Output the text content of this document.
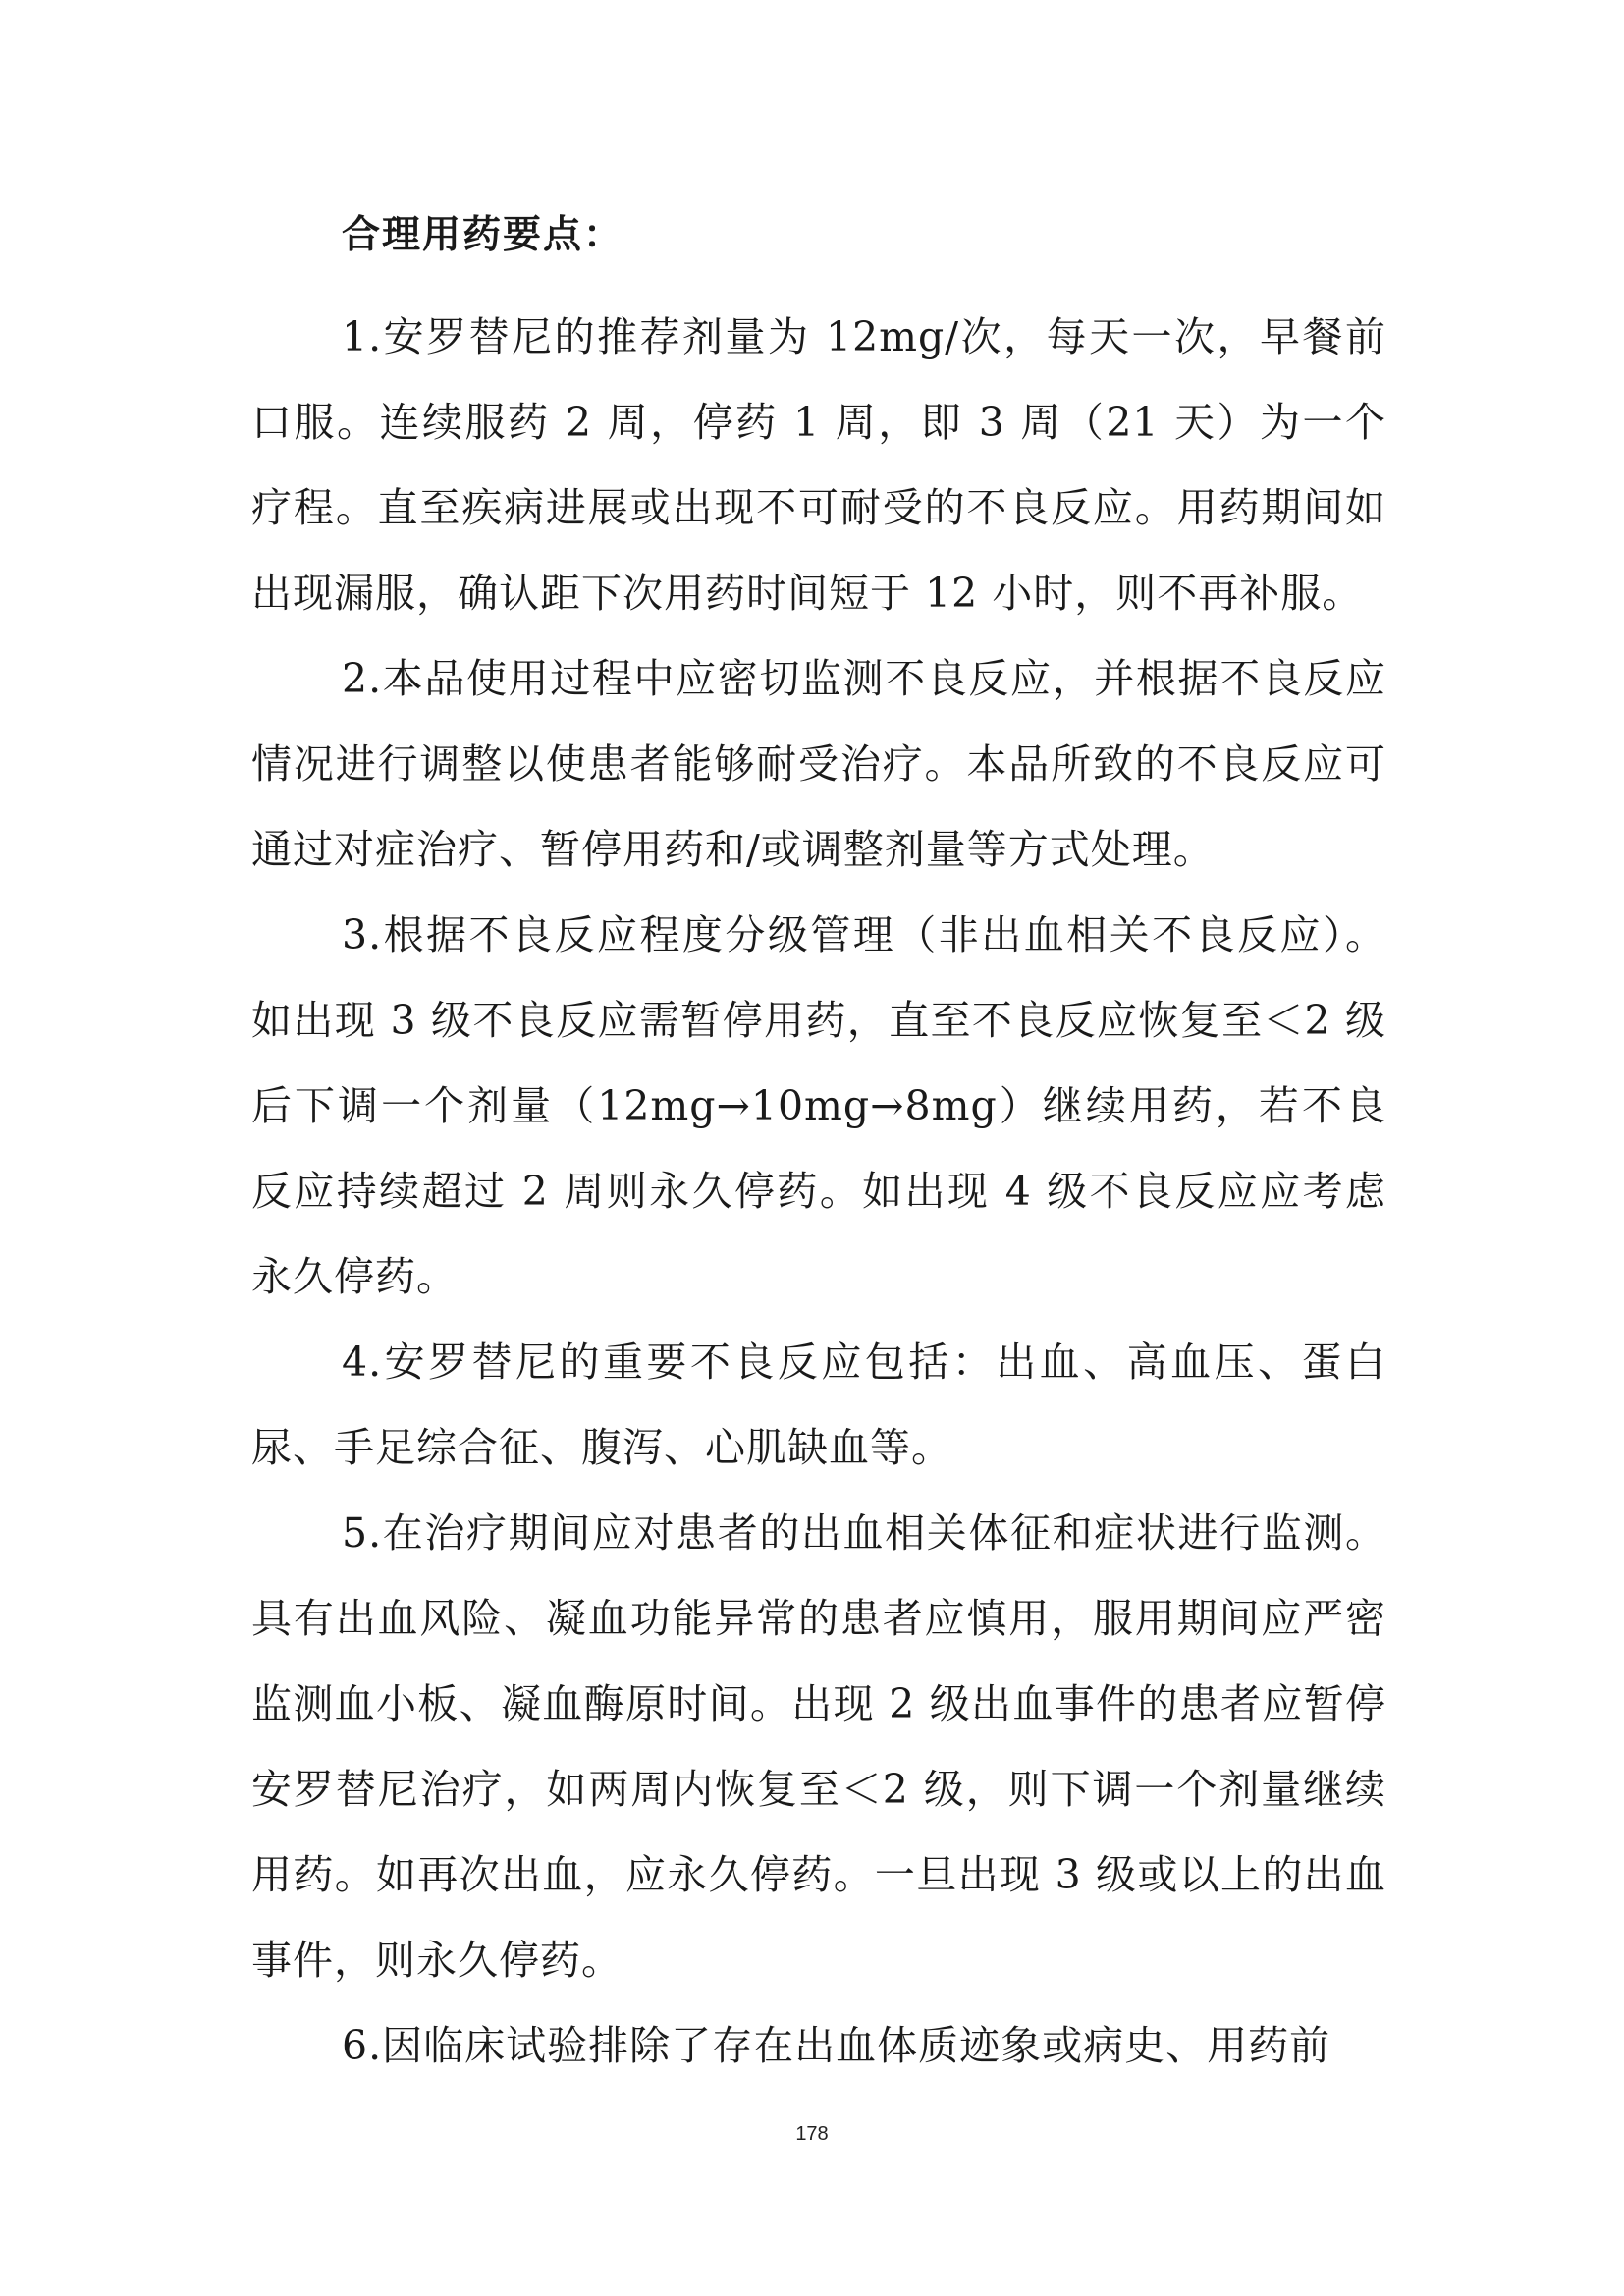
合理用药要点：

1.安罗替尼的推荐剂量为 12mg/次，每天一次，早餐前口服。连续服药 2 周，停药 1 周，即 3 周（21 天）为一个疗程。直至疾病进展或出现不可耐受的不良反应。用药期间如出现漏服，确认距下次用药时间短于 12 小时，则不再补服。

2.本品使用过程中应密切监测不良反应，并根据不良反应情况进行调整以使患者能够耐受治疗。本品所致的不良反应可通过对症治疗、暂停用药和/或调整剂量等方式处理。

3.根据不良反应程度分级管理（非出血相关不良反应）。如出现 3 级不良反应需暂停用药，直至不良反应恢复至＜2 级后下调一个剂量（12mg→10mg→8mg）继续用药，若不良反应持续超过 2 周则永久停药。如出现 4 级不良反应应考虑永久停药。

4.安罗替尼的重要不良反应包括：出血、高血压、蛋白尿、手足综合征、腹泻、心肌缺血等。

5.在治疗期间应对患者的出血相关体征和症状进行监测。具有出血风险、凝血功能异常的患者应慎用，服用期间应严密监测血小板、凝血酶原时间。出现 2 级出血事件的患者应暂停安罗替尼治疗，如两周内恢复至＜2 级，则下调一个剂量继续用药。如再次出血，应永久停药。一旦出现 3 级或以上的出血事件，则永久停药。

6.因临床试验排除了存在出血体质迹象或病史、用药前

178
